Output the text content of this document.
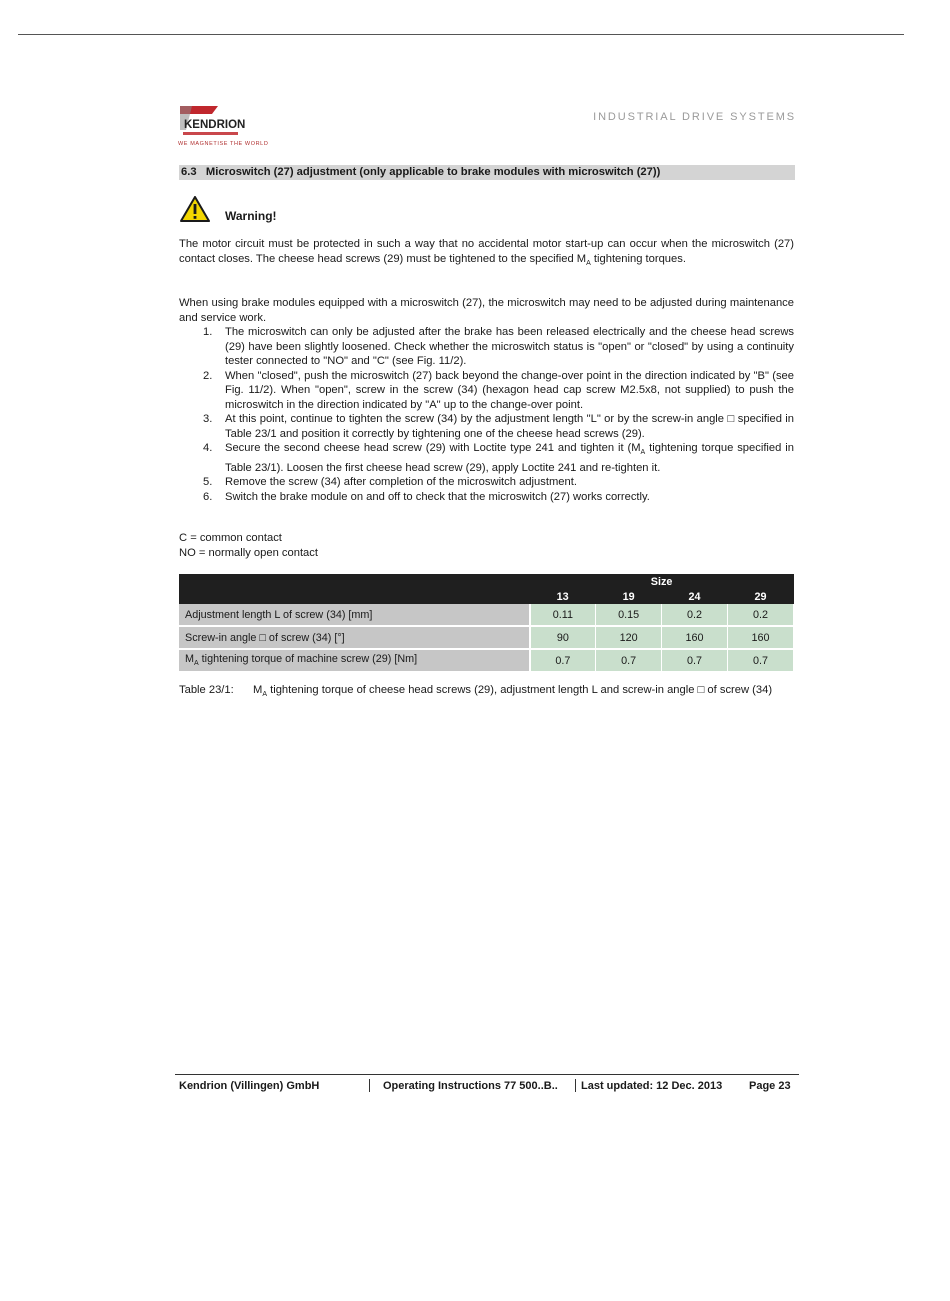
KENDRION
WE MAGNETISE THE WORLD
INDUSTRIAL DRIVE SYSTEMS
6.3 Microswitch (27) adjustment (only applicable to brake modules with microswitch (27))
Warning!
The motor circuit must be protected in such a way that no accidental motor start-up can occur when the microswitch (27) contact closes. The cheese head screws (29) must be tightened to the specified $M_A$ tightening torques.
When using brake modules equipped with a microswitch (27), the microswitch may need to be adjusted during maintenance and service work.
1. The microswitch can only be adjusted after the brake has been released electrically and the cheese head screws (29) have been slightly loosened. Check whether the microswitch status is "open" or "closed" by using a continuity tester connected to "NO" and "C" (see Fig. 11/2).
2. When "closed", push the microswitch (27) back beyond the change-over point in the direction indicated by "B" (see Fig. 11/2). When "open", screw in the screw (34) (hexagon head cap screw M2.5x8, not supplied) to push the microswitch in the direction indicated by "A" up to the change-over point.
3. At this point, continue to tighten the screw (34) by the adjustment length "L" or by the screw-in angle □ specified in Table 23/1 and position it correctly by tightening one of the cheese head screws (29).
4. Secure the second cheese head screw (29) with Loctite type 241 and tighten it ($M_A$ tightening torque specified in Table 23/1). Loosen the first cheese head screw (29), apply Loctite 241 and re-tighten it.
5. Remove the screw (34) after completion of the microswitch adjustment.
6. Switch the brake module on and off to check that the microswitch (27) works correctly.
C = common contact
NO = normally open contact
	Size			
	13	19	24	29
Adjustment length L of screw (34) [mm]	0.11	0.15	0.2	0.2
Screw-in angle □ of screw (34) [°]	90	120	160	160
$M_A$ tightening torque of machine screw (29) [Nm]	0.7	0.7	0.7	0.7
Table 23/1: $M_A$ tightening torque of cheese head screws (29), adjustment length L and screw-in angle □ of screw (34)
Kendrion (Villingen) GmbH	Operating Instructions 77 500..B.. Last updated: 12 Dec. 2013 Page 23
